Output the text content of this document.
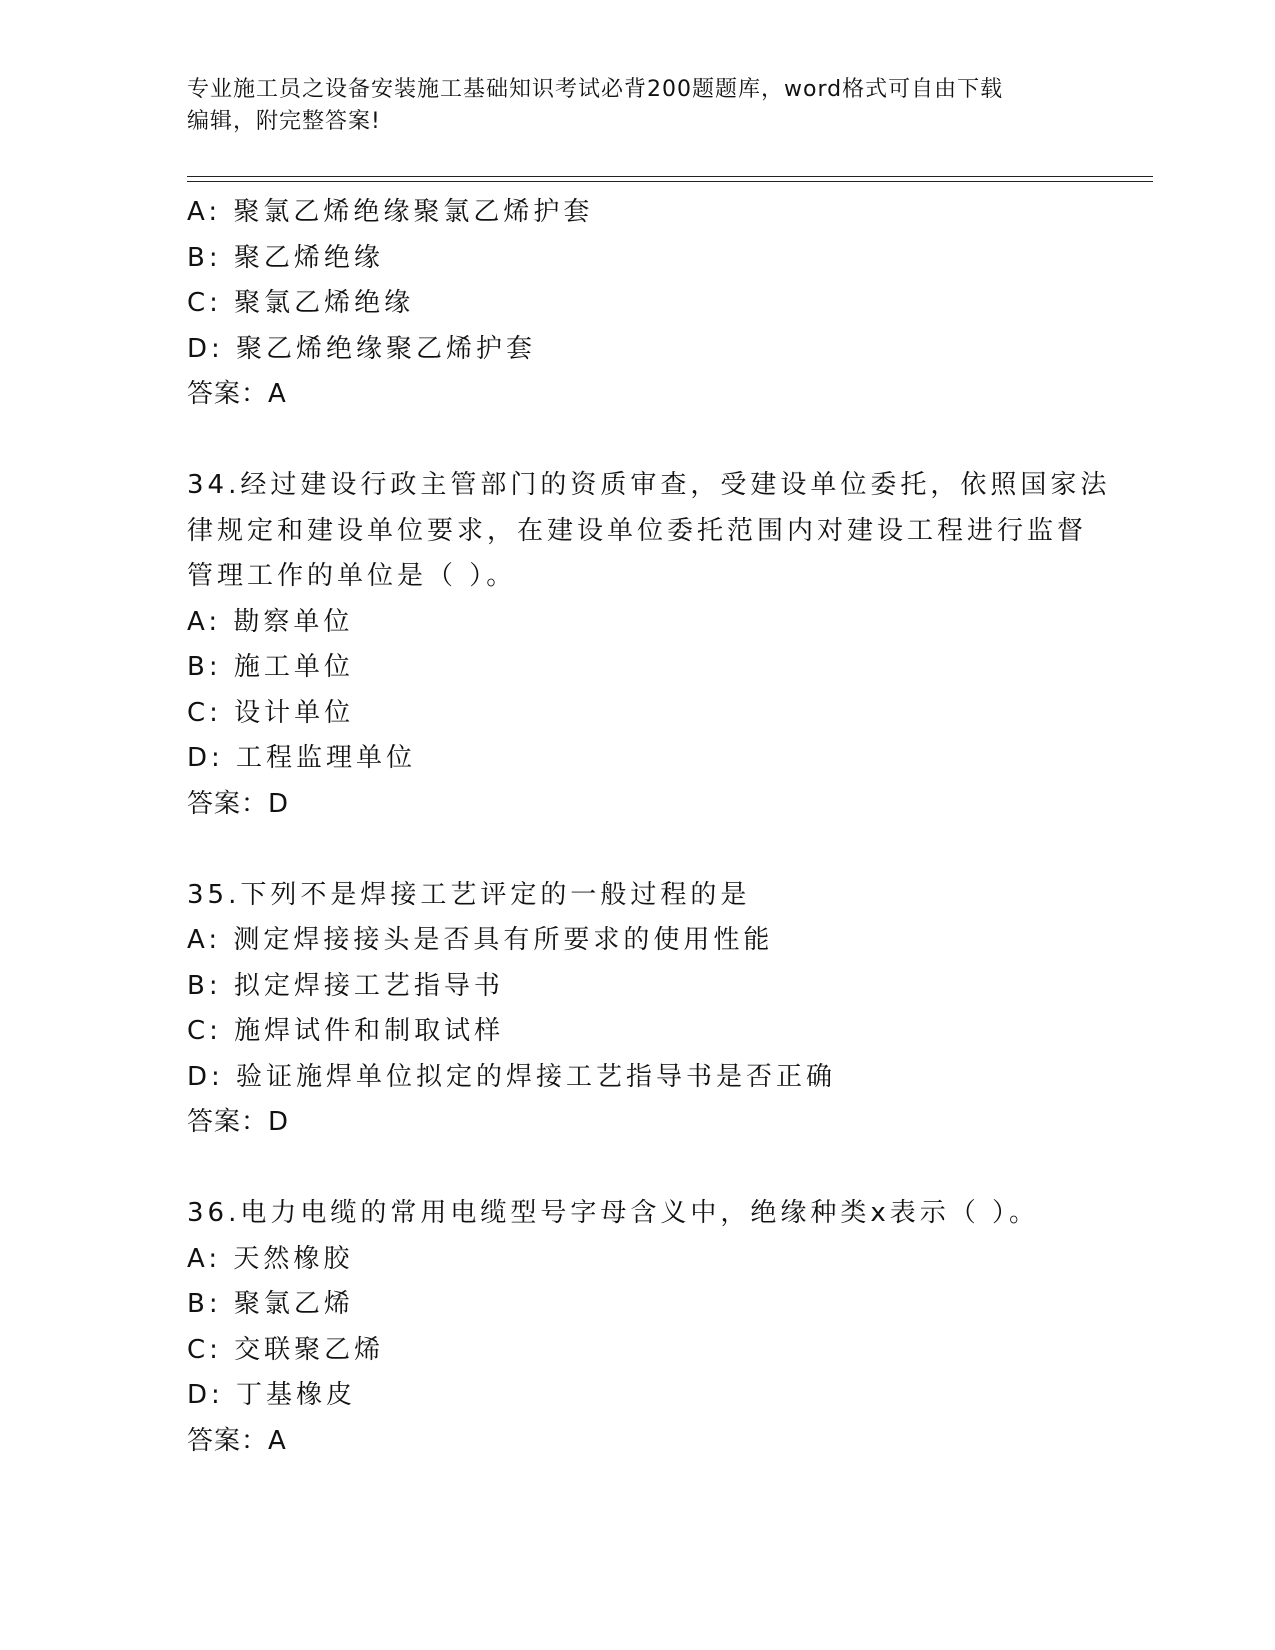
专业施工员之设备安装施工基础知识考试必背200题题库，word格式可自由下载
编辑，附完整答案!
A: 聚氯乙烯绝缘聚氯乙烯护套
B: 聚乙烯绝缘
C: 聚氯乙烯绝缘
D: 聚乙烯绝缘聚乙烯护套
答案：A
34.经过建设行政主管部门的资质审查，受建设单位委托，依照国家法
律规定和建设单位要求，在建设单位委托范围内对建设工程进行监督
管理工作的单位是（ ）。
A: 勘察单位
B: 施工单位
C: 设计单位
D: 工程监理单位
答案：D
35.下列不是焊接工艺评定的一般过程的是
A: 测定焊接接头是否具有所要求的使用性能
B: 拟定焊接工艺指导书
C: 施焊试件和制取试样
D: 验证施焊单位拟定的焊接工艺指导书是否正确
答案：D
36.电力电缆的常用电缆型号字母含义中，绝缘种类x表示（ ）。
A: 天然橡胶
B: 聚氯乙烯
C: 交联聚乙烯
D: 丁基橡皮
答案：A
